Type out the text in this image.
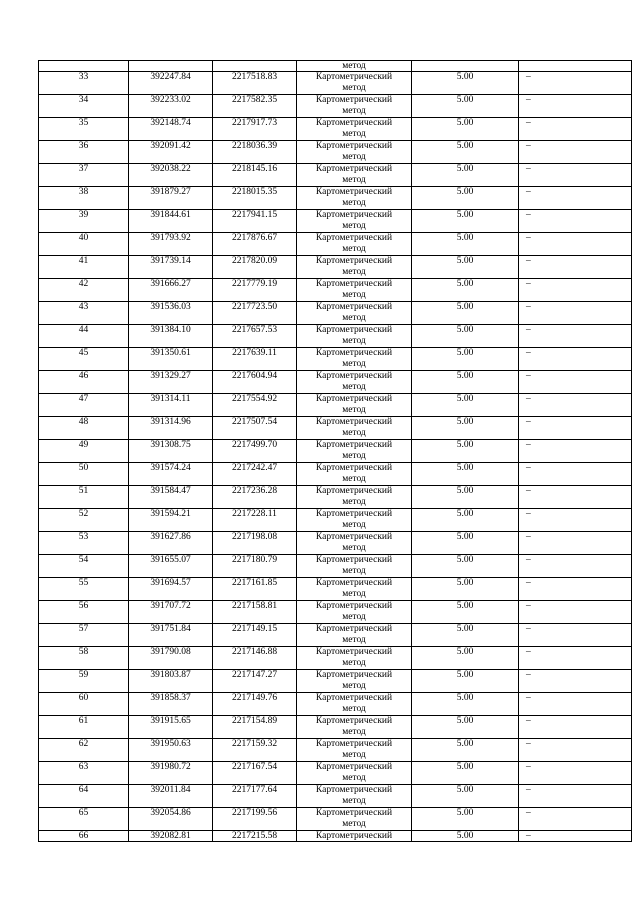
			метод		
33	392247.84	2217518.83	Картометрический
метод	5.00	–
34	392233.02	2217582.35	Картометрический
метод	5.00	–
35	392148.74	2217917.73	Картометрический
метод	5.00	–
36	392091.42	2218036.39	Картометрический
метод	5.00	–
37	392038.22	2218145.16	Картометрический
метод	5.00	–
38	391879.27	2218015.35	Картометрический
метод	5.00	–
39	391844.61	2217941.15	Картометрический
метод	5.00	–
40	391793.92	2217876.67	Картометрический
метод	5.00	–
41	391739.14	2217820.09	Картометрический
метод	5.00	–
42	391666.27	2217779.19	Картометрический
метод	5.00	–
43	391536.03	2217723.50	Картометрический
метод	5.00	–
44	391384.10	2217657.53	Картометрический
метод	5.00	–
45	391350.61	2217639.11	Картометрический
метод	5.00	–
46	391329.27	2217604.94	Картометрический
метод	5.00	–
47	391314.11	2217554.92	Картометрический
метод	5.00	–
48	391314.96	2217507.54	Картометрический
метод	5.00	–
49	391308.75	2217499.70	Картометрический
метод	5.00	–
50	391574.24	2217242.47	Картометрический
метод	5.00	–
51	391584.47	2217236.28	Картометрический
метод	5.00	–
52	391594.21	2217228.11	Картометрический
метод	5.00	–
53	391627.86	2217198.08	Картометрический
метод	5.00	–
54	391655.07	2217180.79	Картометрический
метод	5.00	–
55	391694.57	2217161.85	Картометрический
метод	5.00	–
56	391707.72	2217158.81	Картометрический
метод	5.00	–
57	391751.84	2217149.15	Картометрический
метод	5.00	–
58	391790.08	2217146.88	Картометрический
метод	5.00	–
59	391803.87	2217147.27	Картометрический
метод	5.00	–
60	391858.37	2217149.76	Картометрический
метод	5.00	–
61	391915.65	2217154.89	Картометрический
метод	5.00	–
62	391950.63	2217159.32	Картометрический
метод	5.00	–
63	391980.72	2217167.54	Картометрический
метод	5.00	–
64	392011.84	2217177.64	Картометрический
метод	5.00	–
65	392054.86	2217199.56	Картометрический
метод	5.00	–
66	392082.81	2217215.58	Картометрический	5.00	–
